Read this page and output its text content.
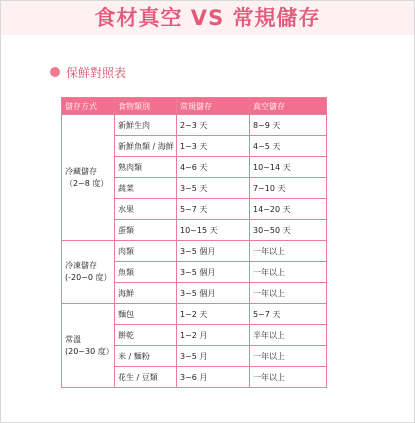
食材真空 VS 常規儲存
保鮮對照表
儲存方式	食物類別	常規儲存	真空儲存

冷藏儲存
（2~8 度）	新鮮生肉	2~3 天	8~9 天
	新鮮魚類 / 海鮮	1~3 天	4~5 天
	熟肉類	4~6 天	10~14 天
	蔬菜	3~5 天	7~10 天
	水果	5~7 天	14~20 天
	蛋類	10~15 天	30~50 天

冷凍儲存
(-20~0 度）	肉類	3~5 個月	一年以上
	魚類	3~5 個月	一年以上
	海鮮	3~5 個月	一年以上

常溫
(20~30 度）	麵包	1~2 天	5~7 天
	餅乾	1~2 月	半年以上
	米 / 麵粉	3~5 月	一年以上
	花生 / 豆類	3~6 月	一年以上
